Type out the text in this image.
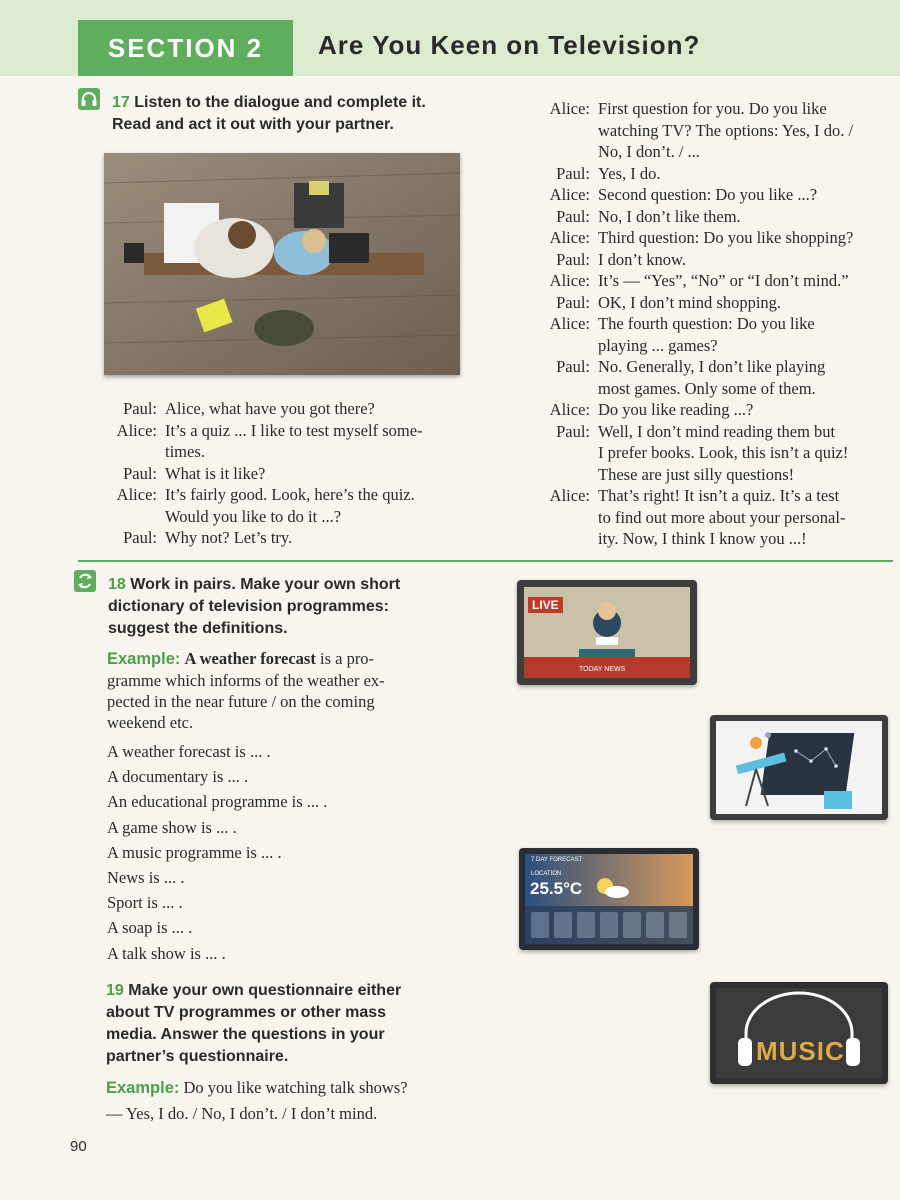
SECTION 2	Are You Keen on Television?
17 Listen to the dialogue and complete it.
Read and act it out with your partner.
Paul: Alice, what have you got there?
Alice: It’s a quiz ... I like to test myself some-
times.
Paul: What is it like?
Alice: It’s fairly good. Look, here’s the quiz.
Would you like to do it ...?
Paul: Why not? Let’s try.
Alice: First question for you. Do you like
watching TV? The options: Yes, I do. /
No, I don’t. / ...
Paul: Yes, I do.
Alice: Second question: Do you like ...?
Paul: No, I don’t like them.
Alice: Third question: Do you like shopping?
Paul: I don’t know.
Alice: It’s — “Yes”, “No” or “I don’t mind.”
Paul: OK, I don’t mind shopping.
Alice: The fourth question: Do you like
playing ... games?
Paul: No. Generally, I don’t like playing
most games. Only some of them.
Alice: Do you like reading ...?
Paul: Well, I don’t mind reading them but
I prefer books. Look, this isn’t a quiz!
These are just silly questions!
Alice: That’s right! It isn’t a quiz. It’s a test
to find out more about your personal-
ity. Now, I think I know you ...!
18 Work in pairs. Make your own short
dictionary of television programmes:
suggest the definitions.
Example: A weather forecast is a pro-
gramme which informs of the weather ex-
pected in the near future / on the coming
weekend etc.
A weather forecast is ... .
A documentary is ... .
An educational programme is ... .
A game show is ... .
A music programme is ... .
News is ... .
Sport is ... .
A soap is ... .
A talk show is ... .
19 Make your own questionnaire either
about TV programmes or other mass
media. Answer the questions in your
partner’s questionnaire.
Example: Do you like watching talk shows?
— Yes, I do. / No, I don’t. / I don’t mind.
LIVE
TODAY NEWS
7 DAY FORECAST
LOCATION
25.5°C
MUSIC
90
